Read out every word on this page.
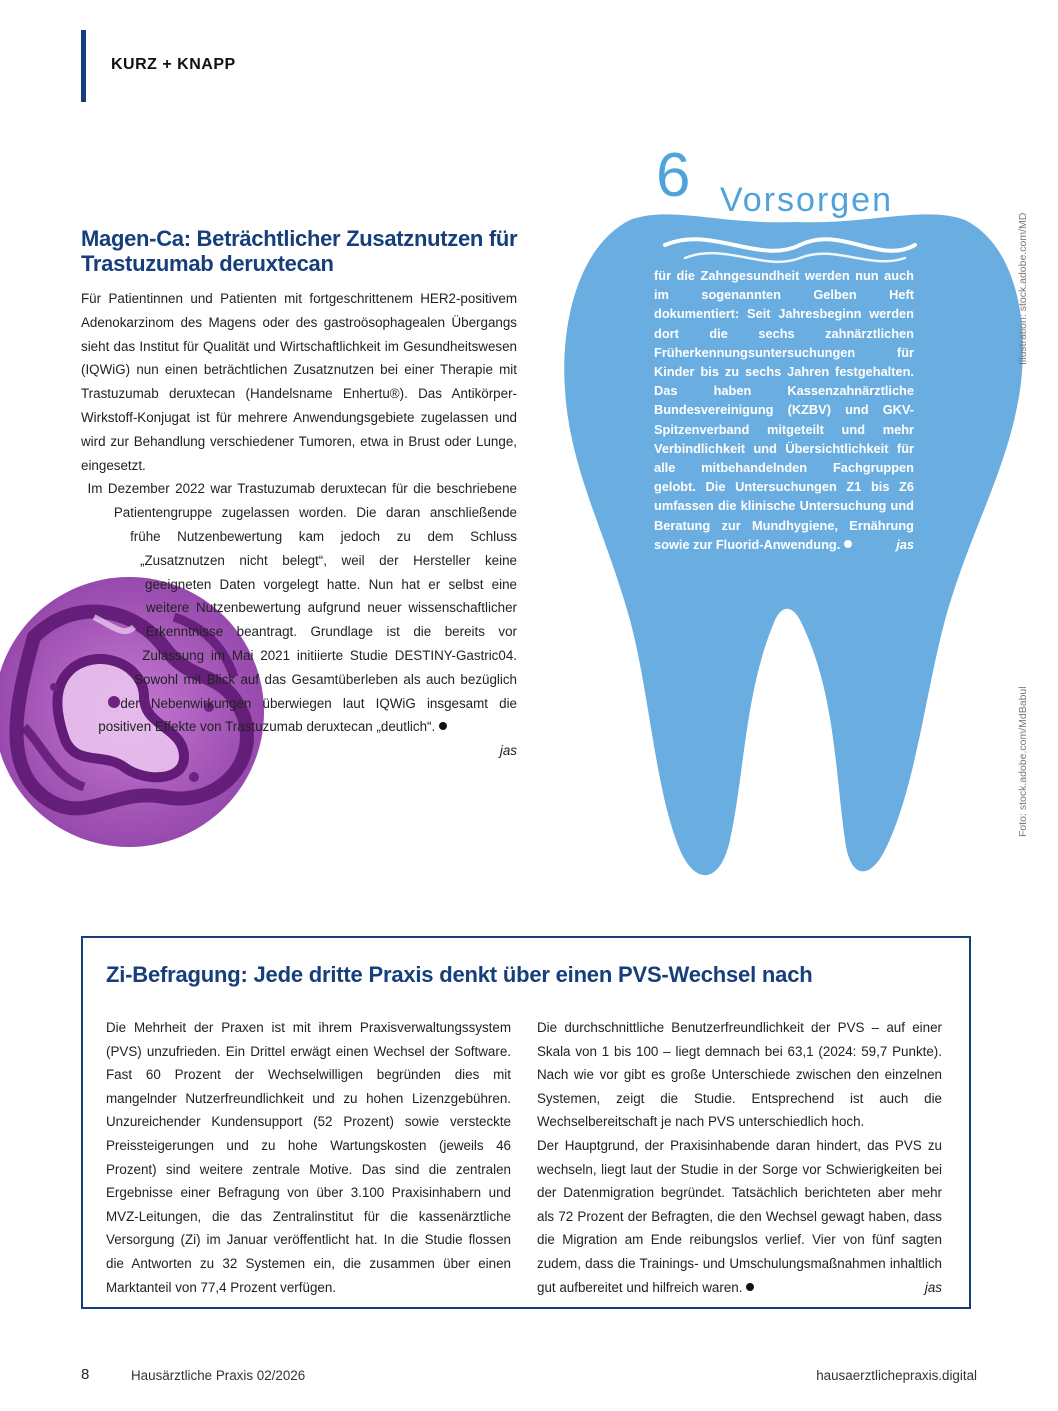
KURZ + KNAPP
Magen-Ca: Beträchtlicher Zusatznutzen für Trastuzumab deruxtecan

Für Patientinnen und Patienten mit fortgeschrittenem HER2-positivem Adenokarzinom des Magens oder des gastroösophagealen Übergangs sieht das Institut für Qualität und Wirtschaftlichkeit im Gesundheitswesen (IQWiG) nun einen beträchtlichen Zusatznutzen bei einer Therapie mit Trastuzumab deruxtecan (Handelsname Enhertu®). Das Antikörper-Wirkstoff-Konjugat ist für mehrere Anwendungsgebiete zugelassen und wird zur Behandlung verschiedener Tumoren, etwa in Brust oder Lunge, eingesetzt.

Im Dezember 2022 war Trastuzumab deruxtecan für die beschriebene Patientengruppe zugelassen worden. Die daran anschließende frühe Nutzenbewertung kam jedoch zu dem Schluss „Zusatznutzen nicht belegt“, weil der Hersteller keine geeigneten Daten vorgelegt hatte. Nun hat er selbst eine weitere Nutzenbewertung aufgrund neuer wissenschaftlicher Erkenntnisse beantragt. Grundlage ist die bereits vor Zulassung im Mai 2021 initiierte Studie DESTINY-Gastric04. Sowohl mit Blick auf das Gesamtüberleben als auch bezüglich der Nebenwirkungen überwiegen laut IQWiG insgesamt die positiven Effekte von Trastuzumab deruxtecan „deutlich“.
jas

6 Vorsorgen

für die Zahngesundheit werden nun auch im sogenannten Gelben Heft dokumentiert: Seit Jahresbeginn werden dort die sechs zahnärztlichen Früherkennungsuntersuchungen für Kinder bis zu sechs Jahren festgehalten. Das haben Kassenzahnärztliche Bundesvereinigung (KZBV) und GKV-Spitzenverband mitgeteilt und mehr Verbindlichkeit und Übersichtlichkeit für alle mitbehandelnden Fachgruppen gelobt. Die Untersuchungen Z1 bis Z6 umfassen die klinische Untersuchung und Beratung zur Mundhygiene, Ernährung sowie zur Fluorid-Anwendung.	jas

Illustration: stock.adobe.com/MD
Foto: stock.adobe.com/MdBabul
Zi-Befragung: Jede dritte Praxis denkt über einen PVS-Wechsel nach

Die Mehrheit der Praxen ist mit ihrem Praxisverwaltungssystem (PVS) unzufrieden. Ein Drittel erwägt einen Wechsel der Software. Fast 60 Prozent der Wechselwilligen begründen dies mit mangelnder Nutzerfreundlichkeit und zu hohen Lizenzgebühren. Unzureichender Kundensupport (52 Prozent) sowie versteckte Preissteigerungen und zu hohe Wartungskosten (jeweils 46 Prozent) sind weitere zentrale Motive. Das sind die zentralen Ergebnisse einer Befragung von über 3.100 Praxisinhabern und MVZ-Leitungen, die das Zentralinstitut für die kassenärztliche Versorgung (Zi) im Januar veröffentlicht hat. In die Studie flossen die Antworten zu 32 Systemen ein, die zusammen über einen Marktanteil von 77,4 Prozent verfügen.

Die durchschnittliche Benutzerfreundlichkeit der PVS – auf einer Skala von 1 bis 100 – liegt demnach bei 63,1 (2024: 59,7 Punkte). Nach wie vor gibt es große Unterschiede zwischen den einzelnen Systemen, zeigt die Studie. Entsprechend ist auch die Wechselbereitschaft je nach PVS unterschiedlich hoch.

Der Hauptgrund, der Praxisinhabende daran hindert, das PVS zu wechseln, liegt laut der Studie in der Sorge vor Schwierigkeiten bei der Datenmigration begründet. Tatsächlich berichteten aber mehr als 72 Prozent der Befragten, die den Wechsel gewagt haben, dass die Migration am Ende reibungslos verlief. Vier von fünf sagten zudem, dass die Trainings- und Umschulungsmaßnahmen inhaltlich gut aufbereitet und hilfreich waren.	jas

8	Hausärztliche Praxis 02/2026	hausaerztlichepraxis.digital
